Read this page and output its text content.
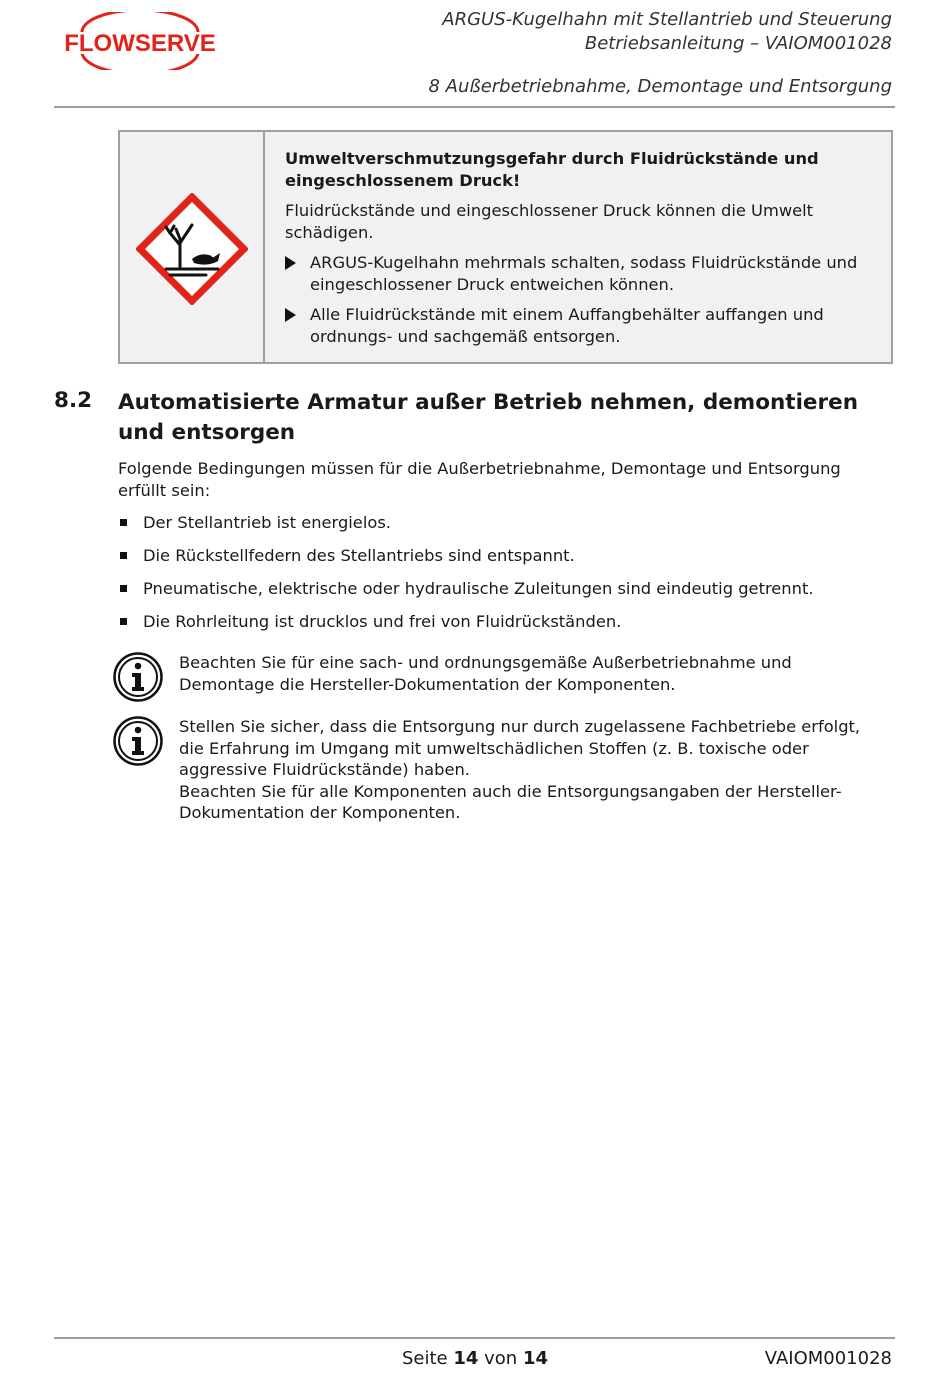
FLOWSERVE
ARGUS-Kugelhahn mit Stellantrieb und Steuerung
Betriebsanleitung – VAIOM001028
8 Außerbetriebnahme, Demontage und Entsorgung
Umweltverschmutzungsgefahr durch Fluidrückstände und eingeschlossenem Druck!
Fluidrückstände und eingeschlossener Druck können die Umwelt schädigen.
ARGUS-Kugelhahn mehrmals schalten, sodass Fluidrückstände und eingeschlossener Druck entweichen können.
Alle Fluidrückstände mit einem Auffangbehälter auffangen und ordnungs- und sachgemäß entsorgen.
8.2 Automatisierte Armatur außer Betrieb nehmen, demontieren und entsorgen
Folgende Bedingungen müssen für die Außerbetriebnahme, Demontage und Entsorgung erfüllt sein:
Der Stellantrieb ist energielos.
Die Rückstellfedern des Stellantriebs sind entspannt.
Pneumatische, elektrische oder hydraulische Zuleitungen sind eindeutig getrennt.
Die Rohrleitung ist drucklos und frei von Fluidrückständen.
Beachten Sie für eine sach- und ordnungsgemäße Außerbetriebnahme und Demontage die Hersteller-Dokumentation der Komponenten.
Stellen Sie sicher, dass die Entsorgung nur durch zugelassene Fachbetriebe erfolgt, die Erfahrung im Umgang mit umweltschädlichen Stoffen (z. B. toxische oder aggressive Fluidrückstände) haben.
Beachten Sie für alle Komponenten auch die Entsorgungsangaben der Hersteller-Dokumentation der Komponenten.
Seite 14 von 14	VAIOM001028
